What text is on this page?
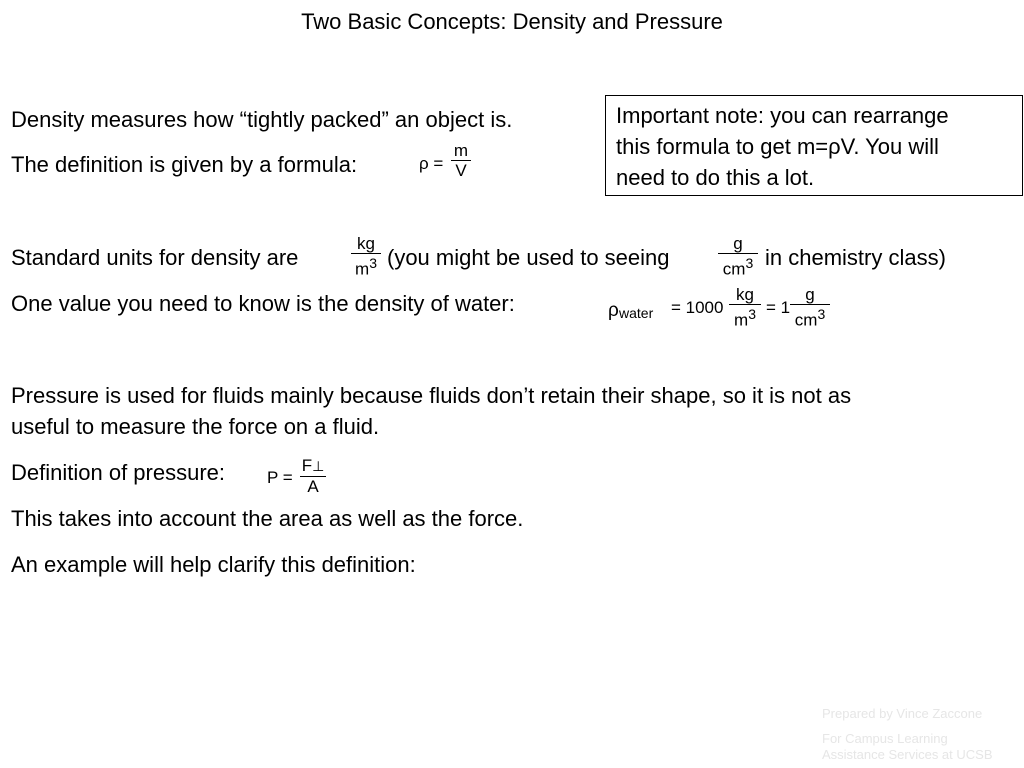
Two Basic Concepts: Density and Pressure
Density measures how “tightly packed” an object is.
The definition is given by a formula:	$\rho = \frac{m}{V}$
Important note: you can rearrange
this formula to get m=ρV. You will
need to do this a lot.
Standard units for density are	$\frac{kg}{m^3} (you$ might be used to seeing	$\frac{g}{cm^3}$ in chemistry class)
One value you need to know is the density of water:	ρ water = $1000 \frac{kg}{m^3} = 1 \frac{g}{cm^3}$
Pressure is used for fluids mainly because fluids don’t retain their shape, so it is not as
useful to measure the force on a fluid.
Definition of pressure: $P = \frac{F\perp}{A}$
This takes into account the area as well as the force.
An example will help clarify this definition:
Prepared by Vince Zaccone
For Campus Learning
Assistance Services at UCSB
